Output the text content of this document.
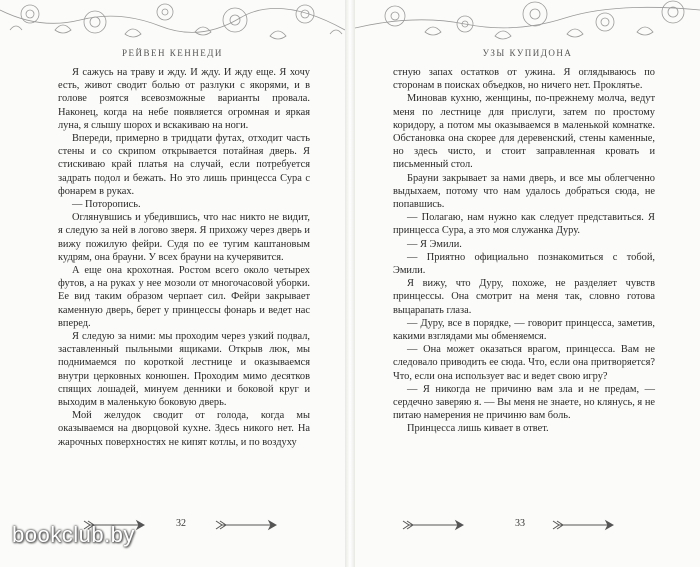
РЕЙВЕН КЕННЕДИ

Я сажусь на траву и жду. И жду. И жду еще. Я хочу есть, живот сводит болью от разлуки с якорями, и в голове роятся всевозможные варианты провала. Наконец, когда на небе появляется огромная и яркая луна, я слышу шорох и вскакиваю на ноги.

Впереди, примерно в тридцати футах, отходит часть стены и со скрипом открывается потайная дверь. Я стискиваю край платья на случай, если потребуется задрать подол и бежать. Но это лишь принцесса Сура с фонарем в руках.

— Поторопись.

Оглянувшись и убедившись, что нас никто не видит, я следую за ней в логово зверя. Я прихожу через дверь и вижу пожилую фейри. Судя по ее тугим каштановым кудрям, она брауни. У всех брауни на кучерявится.

А еще она крохотная. Ростом всего около четырех футов, а на руках у нее мозоли от многочасовой уборки. Ее вид таким образом черпает сил. Фейри закрывает каменную дверь, берет у принцессы фонарь и ведет нас вперед.

Я следую за ними: мы проходим через узкий подвал, заставленный пыльными ящиками. Открыв люк, мы поднимаемся по короткой лестнице и оказываемся внутри церковных конюшен. Проходим мимо десятков спящих лошадей, минуем денники и боковой круг и выходим в маленькую боковую дверь.

Мой желудок сводит от голода, когда мы оказываемся на дворцовой кухне. Здесь никого нет. На жарочных поверхностях не кипят котлы, и по воздуху

32
УЗЫ КУПИДОНА

стную запах остатков от ужина. Я оглядываюсь по сторонам в поисках объедков, но ничего нет. Проклятье.

Миновав кухню, женщины, по-прежнему молча, ведут меня по лестнице для прислуги, затем по простому коридору, а потом мы оказываемся в маленькой комнатке. Обстановка она скорее для деревенский, стены каменные, но здесь чисто, и стоит заправленная кровать и письменный стол.

Брауни закрывает за нами дверь, и все мы облегченно выдыхаем, потому что нам удалось добраться сюда, не попавшись.

— Полагаю, нам нужно как следует представиться. Я принцесса Сура, а это моя служанка Дуру.

— Я Эмили.

— Приятно официально познакомиться с тобой, Эмили.

Я вижу, что Дуру, похоже, не разделяет чувств принцессы. Она смотрит на меня так, словно готова выцарапать глаза.

— Дуру, все в порядке, — говорит принцесса, заметив, какими взглядами мы обменяемся.

— Она может оказаться врагом, принцесса. Вам не следовало приводить ее сюда. Что, если она притворяется? Что, если она использует вас и ведет свою игру?

— Я никогда не причиню вам зла и не предам, — сердечно заверяю я. — Вы меня не знаете, но клянусь, я не питаю намерения не причиню вам боль.

Принцесса лишь кивает в ответ.

33
bookclub.by
